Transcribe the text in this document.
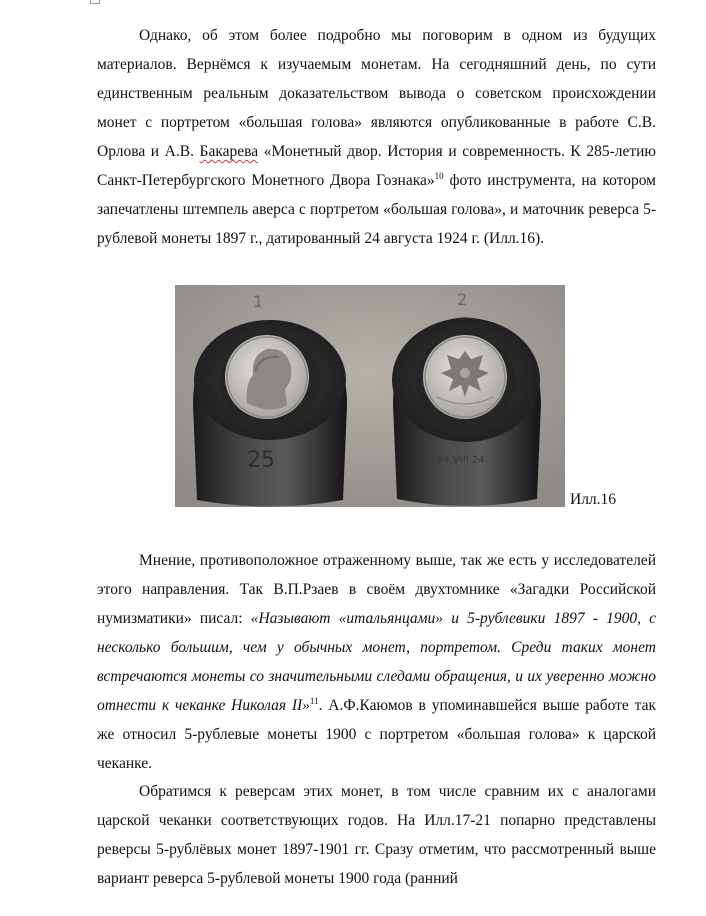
Однако, об этом более подробно мы поговорим в одном из будущих материалов. Вернёмся к изучаемым монетам. На сегодняшний день, по сути единственным реальным доказательством вывода о советском происхождении монет с портретом «большая голова» являются опубликованные в работе С.В. Орлова и А.В. Бакарева «Монетный двор. История и современность. К 285-летию Санкт-Петербургского Монетного Двора Гознака»$^{10}$ фото инструмента, на котором запечатлены штемпель аверса с портретом «большая голова», и маточник реверса 5-рублевой монеты 1897 г., датированный 24 августа 1924 г. (Илл.16).

1
25
2
24 VIII 24
Илл.16

Мнение, противоположное отраженному выше, так же есть у исследователей этого направления. Так В.П.Рзаев в своём двухтомнике «Загадки Российской нумизматики» писал: «Называют «итальянцами» и 5-рублевики 1897 - 1900, с несколько большим, чем у обычных монет, портретом. Среди таких монет встречаются монеты со значительными следами обращения, и их уверенно можно отнести к чеканке Николая II»$^{11}$. А.Ф.Каюмов в упоминавшейся выше работе так же относил 5-рублевые монеты 1900 с портретом «большая голова» к царской чеканке.

Обратимся к реверсам этих монет, в том числе сравним их с аналогами царской чеканки соответствующих годов. На Илл.17-21 попарно представлены реверсы 5-рублёвых монет 1897-1901 гг. Сразу отметим, что рассмотренный выше вариант реверса 5-рублевой монеты 1900 года (ранний
